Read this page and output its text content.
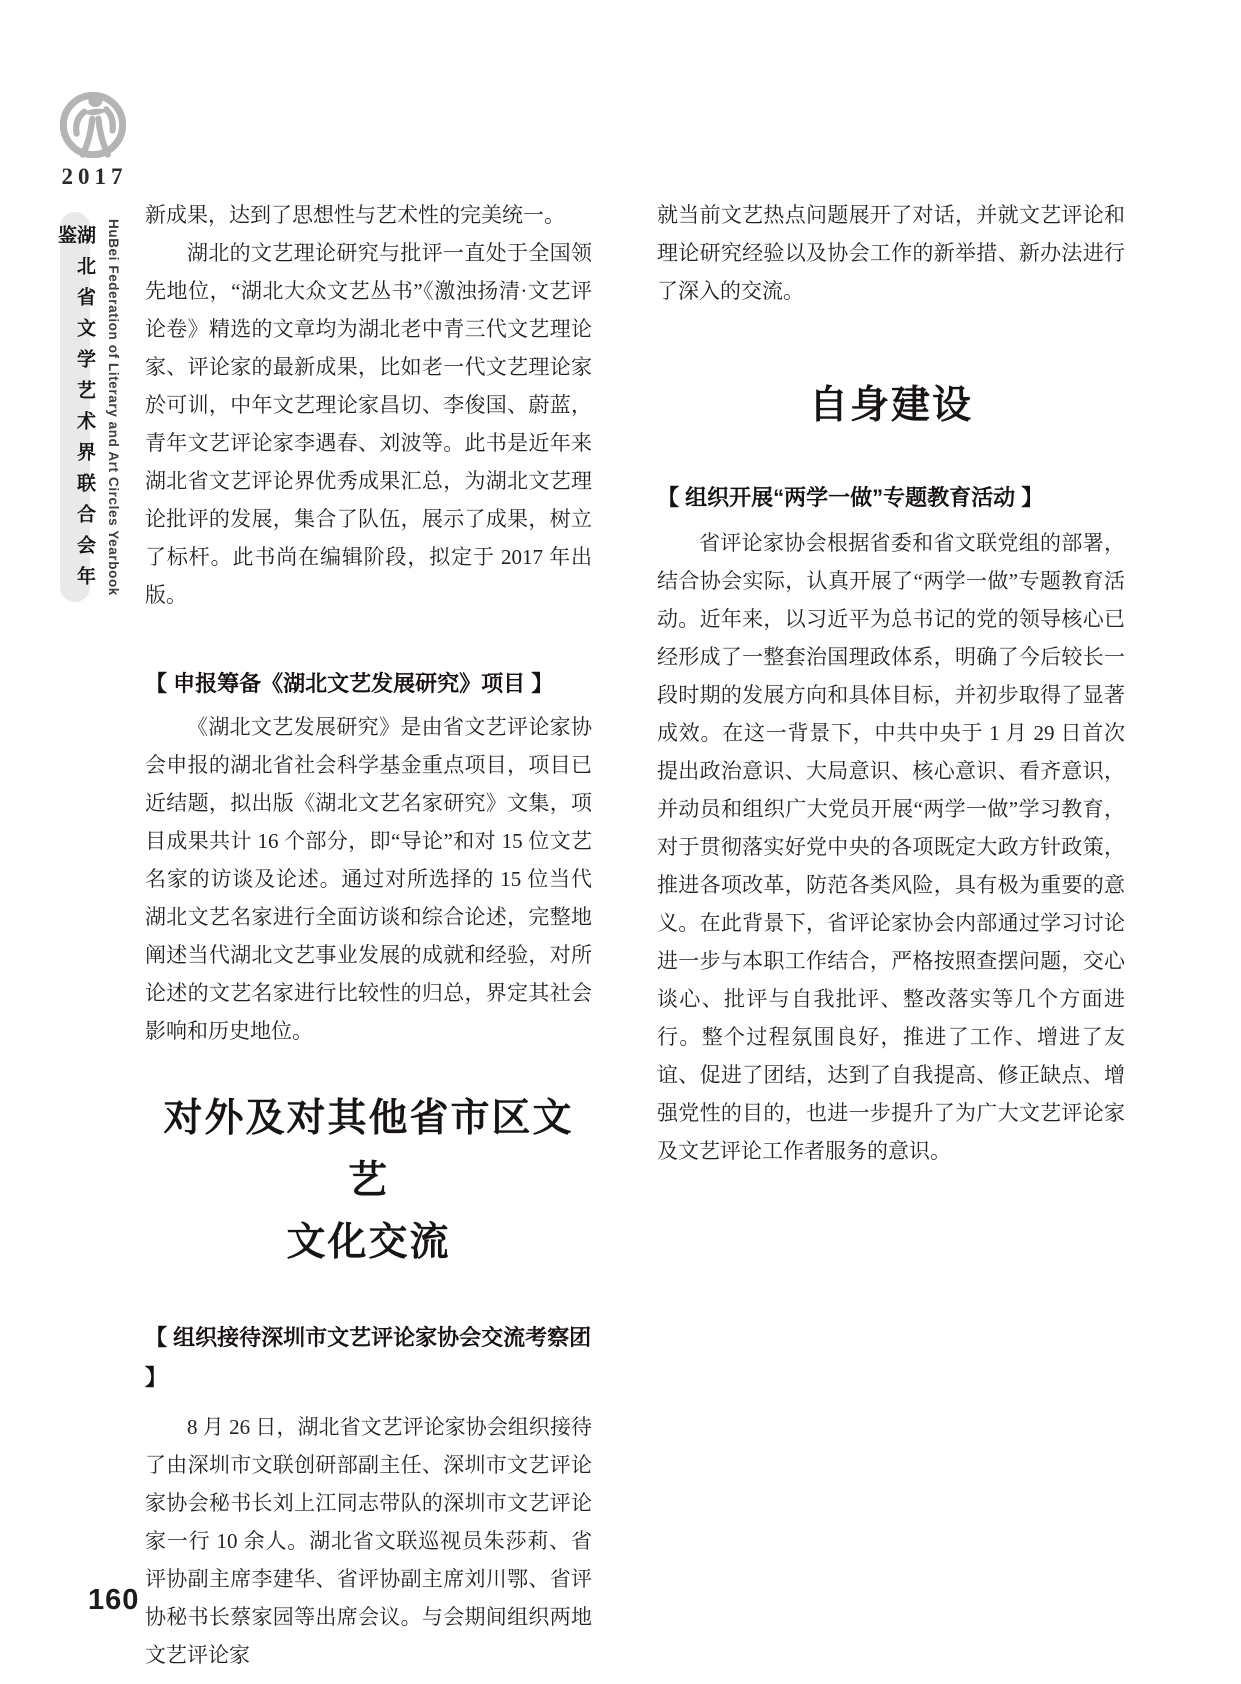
2017
湖北省文学艺术界联合会年鉴	HuBei Federation of Literary and Art Circles Yearbook

新成果，达到了思想性与艺术性的完美统一。

湖北的文艺理论研究与批评一直处于全国领先地位，“湖北大众文艺丛书”《激浊扬清·文艺评论卷》精选的文章均为湖北老中青三代文艺理论家、评论家的最新成果，比如老一代文艺理论家於可训，中年文艺理论家昌切、李俊国、蔚蓝，青年文艺评论家李遇春、刘波等。此书是近年来湖北省文艺评论界优秀成果汇总，为湖北文艺理论批评的发展，集合了队伍，展示了成果，树立了标杆。此书尚在编辑阶段，拟定于 2017 年出版。

【 申报筹备《湖北文艺发展研究》项目 】

《湖北文艺发展研究》是由省文艺评论家协会申报的湖北省社会科学基金重点项目，项目已近结题，拟出版《湖北文艺名家研究》文集，项目成果共计 16 个部分，即“导论”和对 15 位文艺名家的访谈及论述。通过对所选择的 15 位当代湖北文艺名家进行全面访谈和综合论述，完整地阐述当代湖北文艺事业发展的成就和经验，对所论述的文艺名家进行比较性的归总，界定其社会影响和历史地位。

对外及对其他省市区文艺
文化交流
【 组织接待深圳市文艺评论家协会交流考察团 】

8 月 26 日，湖北省文艺评论家协会组织接待了由深圳市文联创研部副主任、深圳市文艺评论家协会秘书长刘上江同志带队的深圳市文艺评论家一行 10 余人。湖北省文联巡视员朱莎莉、省评协副主席李建华、省评协副主席刘川鄂、省评协秘书长蔡家园等出席会议。与会期间组织两地文艺评论家

就当前文艺热点问题展开了对话，并就文艺评论和理论研究经验以及协会工作的新举措、新办法进行了深入的交流。

自身建设
【 组织开展“两学一做”专题教育活动 】

省评论家协会根据省委和省文联党组的部署，结合协会实际，认真开展了“两学一做”专题教育活动。近年来，以习近平为总书记的党的领导核心已经形成了一整套治国理政体系，明确了今后较长一段时期的发展方向和具体目标，并初步取得了显著成效。在这一背景下，中共中央于 1 月 29 日首次提出政治意识、大局意识、核心意识、看齐意识，并动员和组织广大党员开展“两学一做”学习教育，对于贯彻落实好党中央的各项既定大政方针政策，推进各项改革，防范各类风险，具有极为重要的意义。在此背景下，省评论家协会内部通过学习讨论进一步与本职工作结合，严格按照查摆问题，交心谈心、批评与自我批评、整改落实等几个方面进行。整个过程氛围良好，推进了工作、增进了友谊、促进了团结，达到了自我提高、修正缺点、增强党性的目的，也进一步提升了为广大文艺评论家及文艺评论工作者服务的意识。

160
